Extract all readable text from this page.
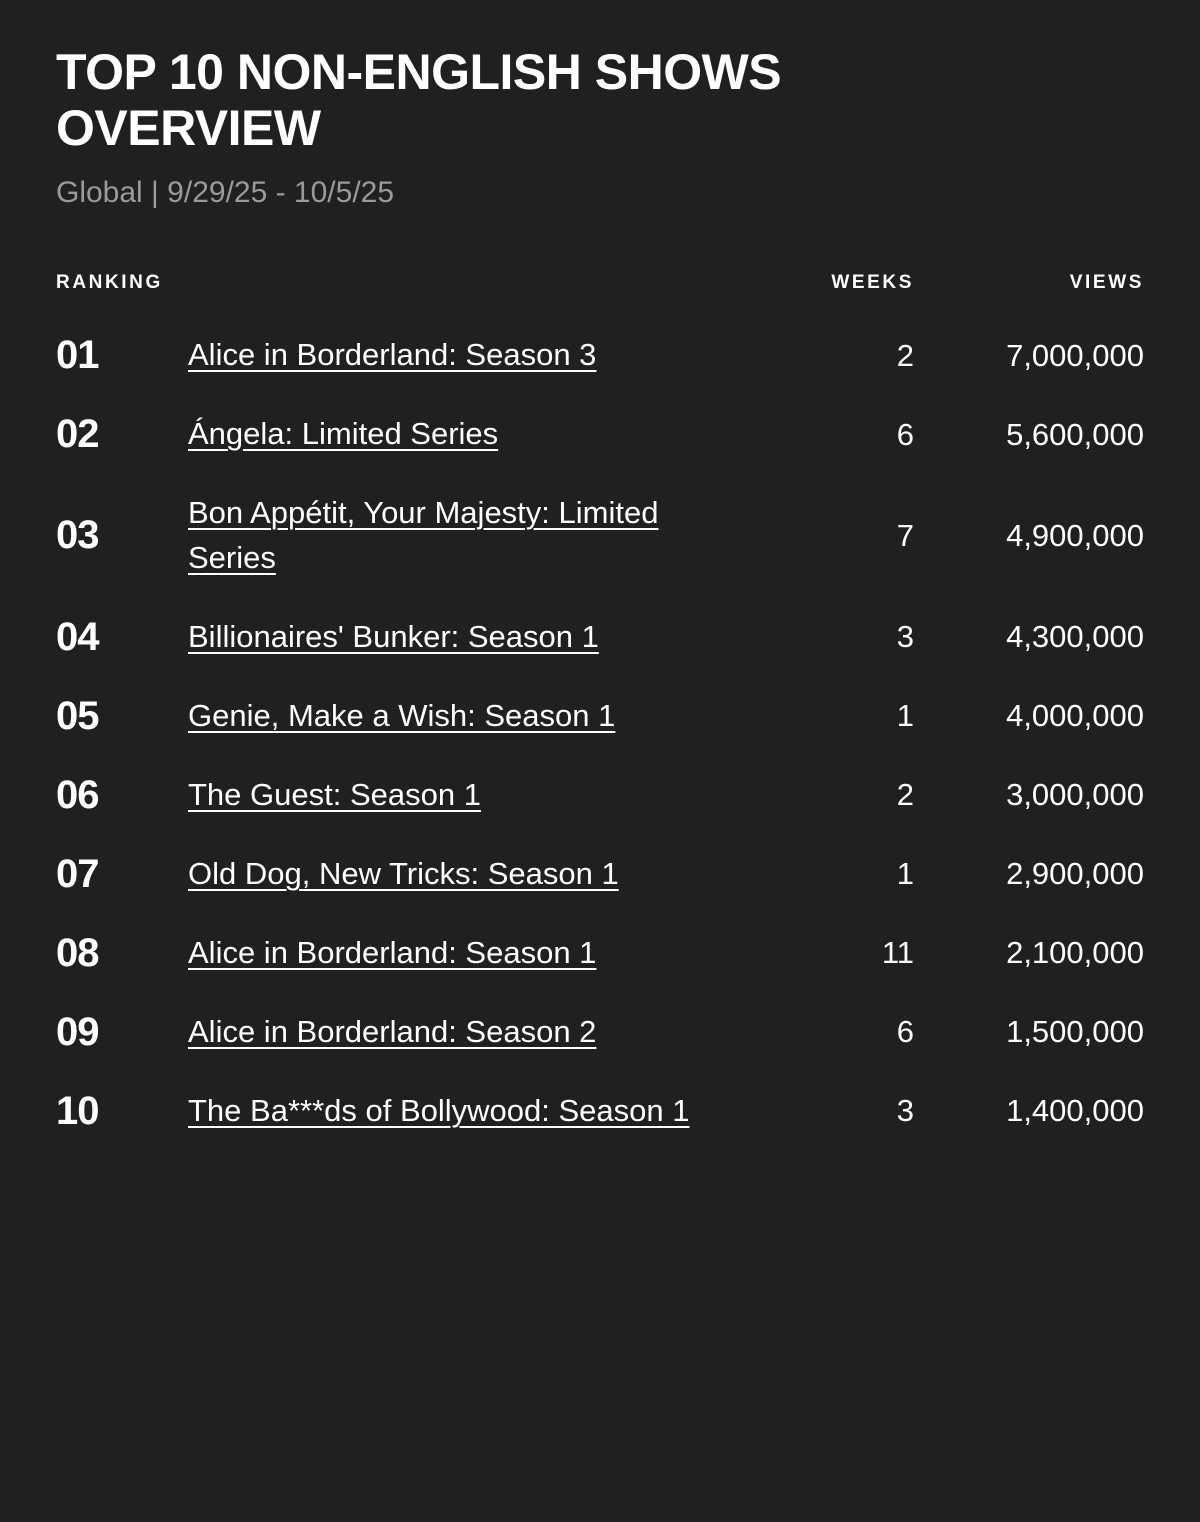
TOP 10 NON-ENGLISH SHOWS OVERVIEW
Global | 9/29/25 - 10/5/25
RANKING		WEEKS	VIEWS
01	Alice in Borderland: Season 3	2	7,000,000
02	Ángela: Limited Series	6	5,600,000
03	Bon Appétit, Your Majesty: Limited Series	7	4,900,000
04	Billionaires' Bunker: Season 1	3	4,300,000
05	Genie, Make a Wish: Season 1	1	4,000,000
06	The Guest: Season 1	2	3,000,000
07	Old Dog, New Tricks: Season 1	1	2,900,000
08	Alice in Borderland: Season 1	11	2,100,000
09	Alice in Borderland: Season 2	6	1,500,000
10	The Ba***ds of Bollywood: Season 1	3	1,400,000
